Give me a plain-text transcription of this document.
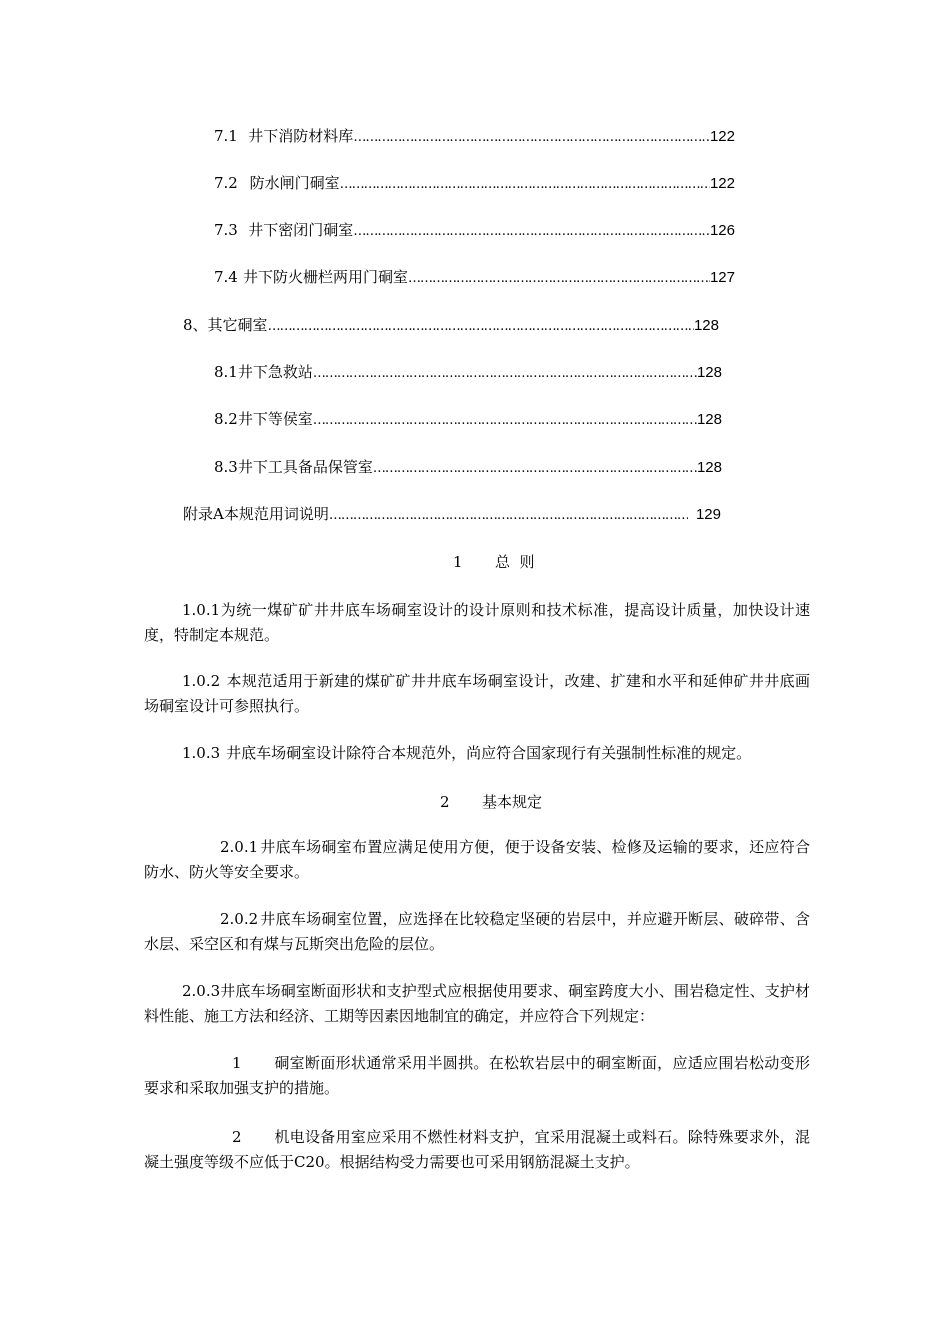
7.1 井下消防材料库 …………………………………………………………………………………………………………………………………………	122
7.2 防水闸门硐室 …………………………………………………………………………………………………………………………………………	122
7.3 井下密闭门硐室 …………………………………………………………………………………………………………………………………………	126
7.4 井下防火栅栏两用门硐室 …………………………………………………………………………………………………………………………………………	127
8、 其它硐室 …………………………………………………………………………………………………………………………………………	128
8.1 井下急救站 …………………………………………………………………………………………………………………………………………	128
8.2 井下等侯室 …………………………………………………………………………………………………………………………………………	128
8.3 井下工具备品保管室 …………………………………………………………………………………………………………………………………………	128
附录A本规范用词说明 …………………………………………………………………………………………………………………………………………	129
1 总  则
1.0.1为统一煤矿矿井井底车场硐室设计的设计原则和技术标准，提高设计质量，加快设计速度，特制定本规范。
1.0.2 本规范适用于新建的煤矿矿井井底车场硐室设计，改建、扩建和水平和延伸矿井井底画场硐室设计可参照执行。
1.0.3 井底车场硐室设计除符合本规范外，尚应符合国家现行有关强制性标准的规定。
2 基本规定
2.0.1 井底车场硐室布置应满足使用方便，便于设备安装、检修及运输的要求，还应符合防水、防火等安全要求。
2.0.2 井底车场硐室位置，应选择在比较稳定坚硬的岩层中，并应避开断层、破碎带、含水层、采空区和有煤与瓦斯突出危险的层位。
2.0.3井底车场硐室断面形状和支护型式应根据使用要求、硐室跨度大小、围岩稳定性、支护材料性能、施工方法和经济、工期等因素因地制宜的确定，并应符合下列规定：
1 硐室断面形状通常采用半圆拱。在松软岩层中的硐室断面，应适应围岩松动变形要求和采取加强支护的措施。
2 机电设备用室应采用不燃性材料支护，宜采用混凝土或料石。除特殊要求外，混凝土强度等级不应低于C20。根据结构受力需要也可采用钢筋混凝土支护。
